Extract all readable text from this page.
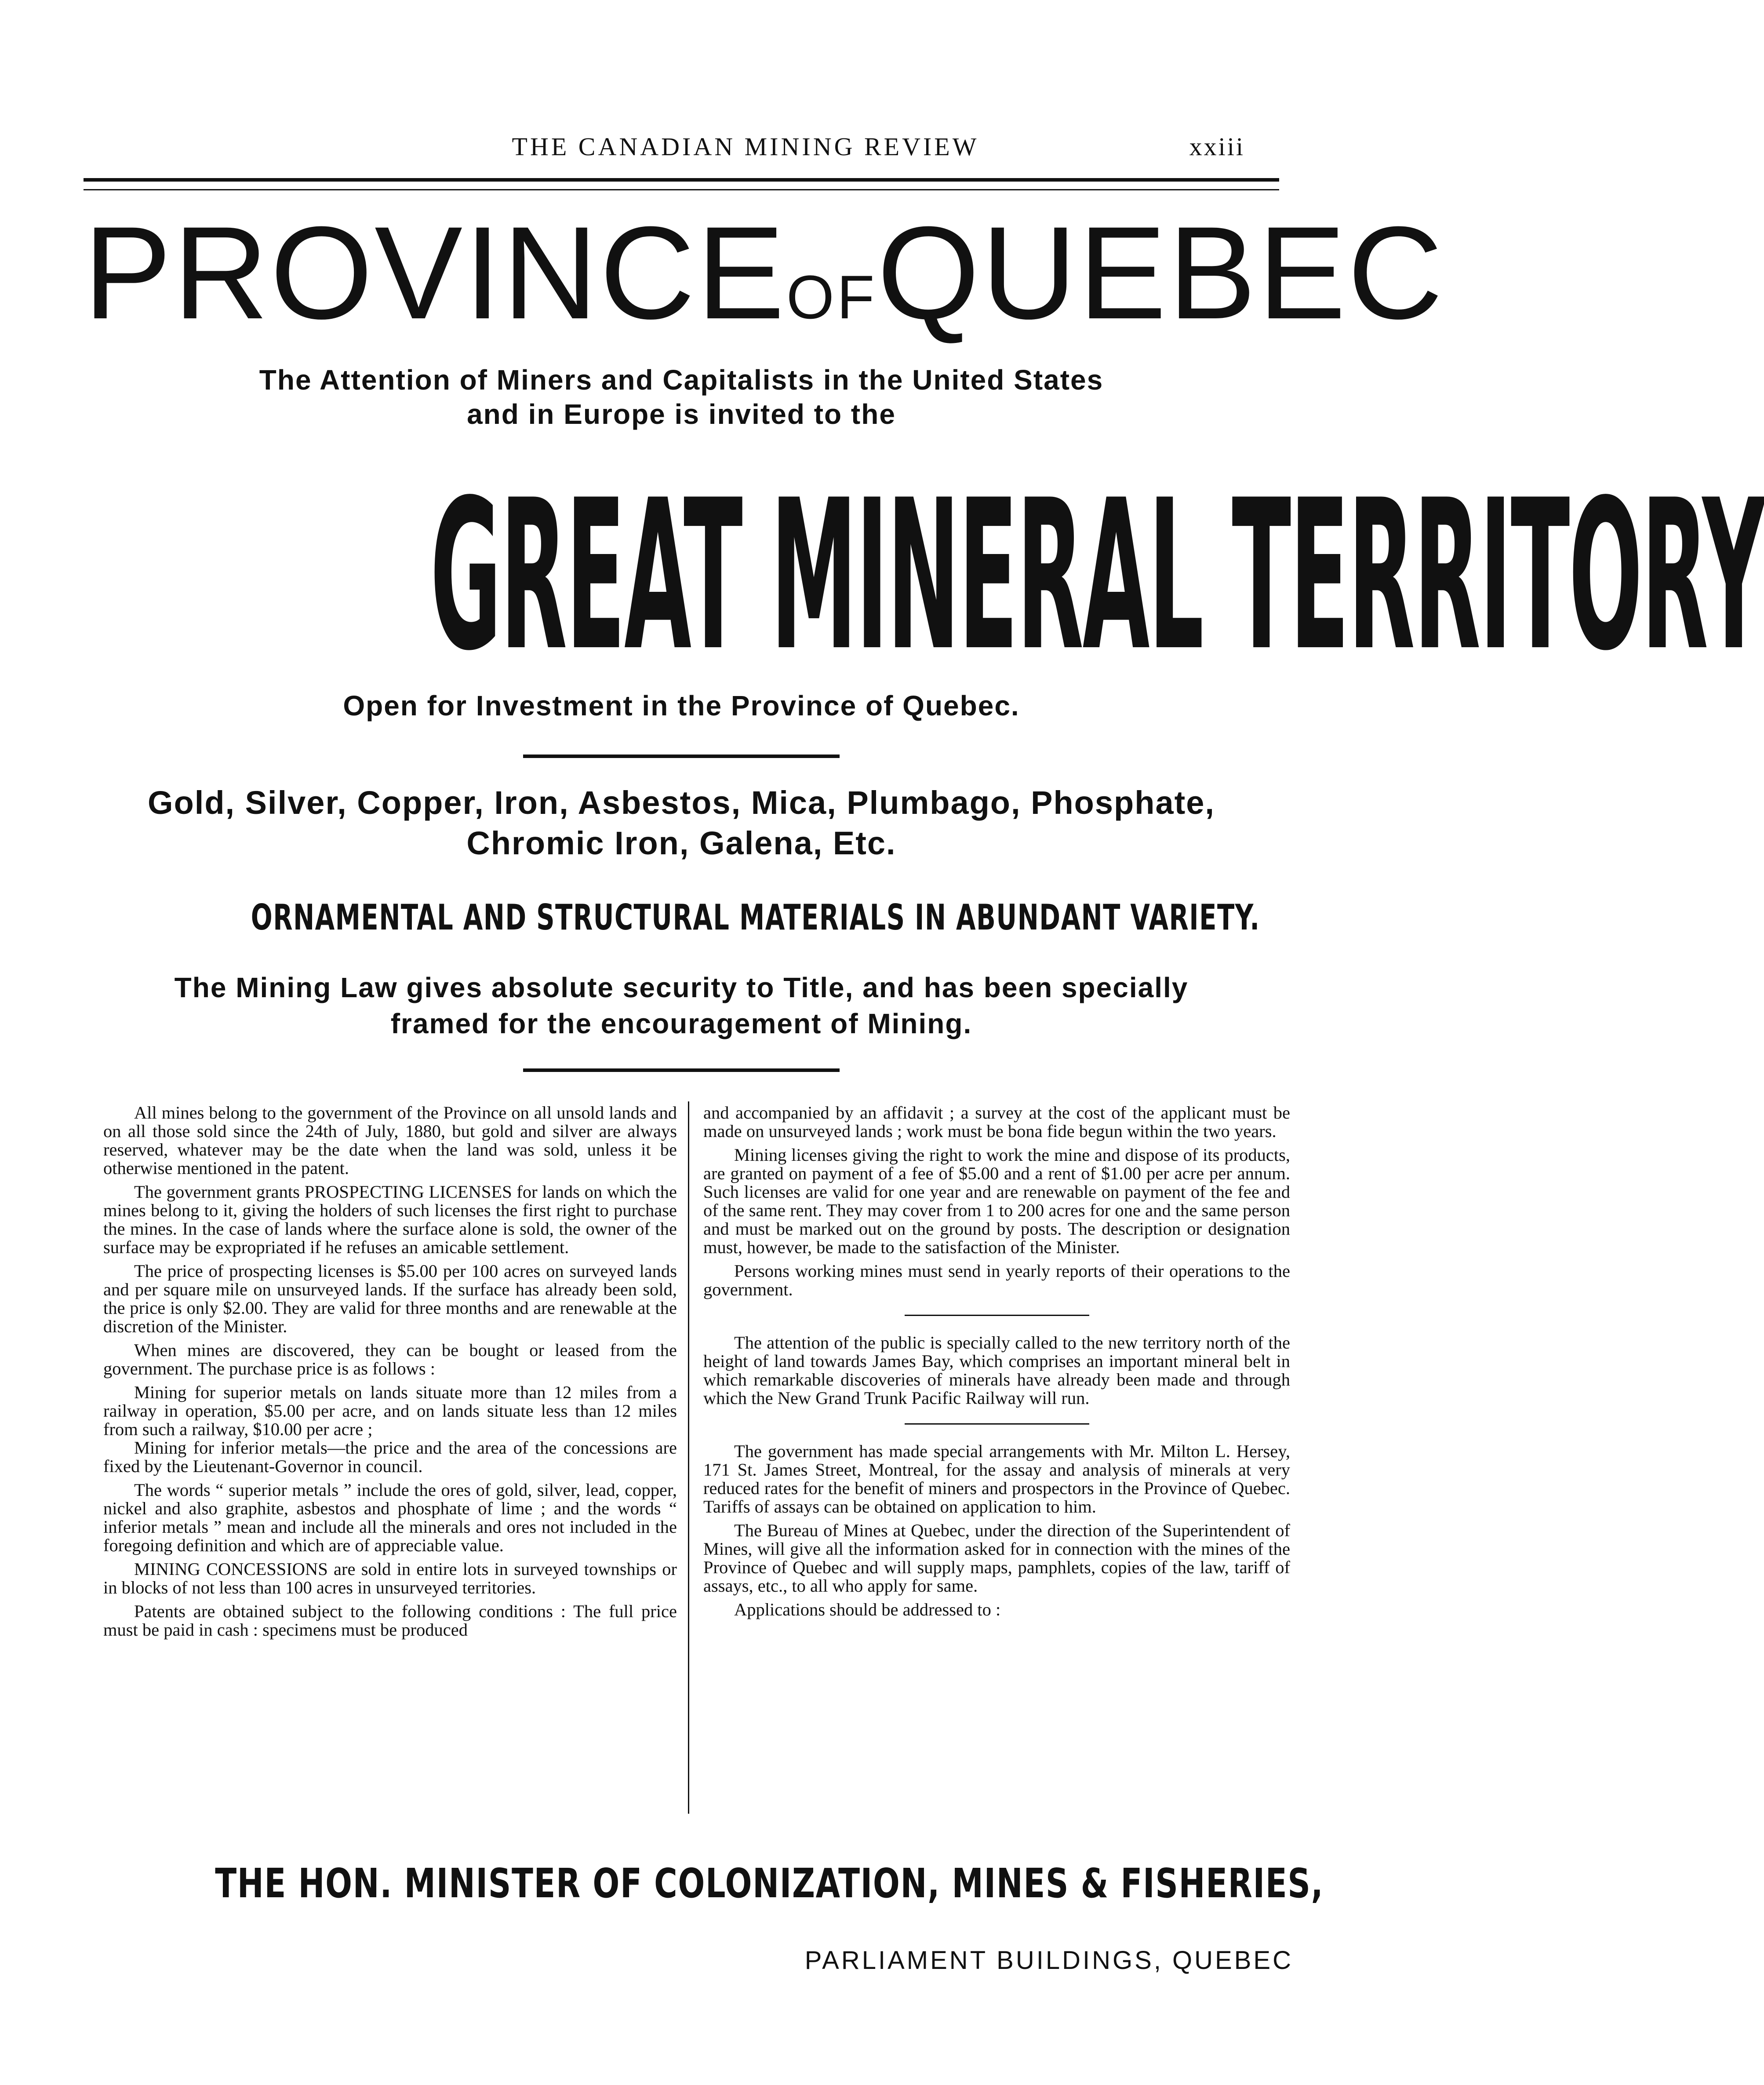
THE CANADIAN MINING REVIEW	xxiii
PROVINCEOFQUEBEC
The Attention of Miners and Capitalists in the United States
and in Europe is invited to the
GREAT MINERAL TERRITORY
Open for Investment in the Province of Quebec.
Gold, Silver, Copper, Iron, Asbestos, Mica, Plumbago, Phosphate,
Chromic Iron, Galena, Etc.
ORNAMENTAL AND STRUCTURAL MATERIALS IN ABUNDANT VARIETY.
The Mining Law gives absolute security to Title, and has been specially
framed for the encouragement of Mining.

All mines belong to the government of the Province on all unsold lands and on all those sold since the 24th of July, 1880, but gold and silver are always reserved, whatever may be the date when the land was sold, unless it be otherwise mentioned in the patent.

The government grants PROSPECTING LICENSES for lands on which the mines belong to it, giving the holders of such licenses the first right to purchase the mines. In the case of lands where the surface alone is sold, the owner of the surface may be expropriated if he refuses an amicable settlement.

The price of prospecting licenses is $5.00 per 100 acres on surveyed lands and per square mile on unsurveyed lands. If the surface has already been sold, the price is only $2.00. They are valid for three months and are renewable at the discretion of the Minister.

When mines are discovered, they can be bought or leased from the government. The purchase price is as follows :

Mining for superior metals on lands situate more than 12 miles from a railway in operation, $5.00 per acre, and on lands situate less than 12 miles from such a railway, $10.00 per acre ;

Mining for inferior metals—the price and the area of the concessions are fixed by the Lieutenant-Governor in council.

The words “ superior metals ” include the ores of gold, silver, lead, copper, nickel and also graphite, asbestos and phosphate of lime ; and the words “ inferior metals ” mean and include all the minerals and ores not included in the foregoing definition and which are of appreciable value.

MINING CONCESSIONS are sold in entire lots in surveyed townships or in blocks of not less than 100 acres in unsurveyed territories.

Patents are obtained subject to the following conditions : The full price must be paid in cash : specimens must be produced

and accompanied by an affidavit ; a survey at the cost of the applicant must be made on unsurveyed lands ; work must be bona fide begun within the two years.

Mining licenses giving the right to work the mine and dispose of its products, are granted on payment of a fee of $5.00 and a rent of $1.00 per acre per annum. Such licenses are valid for one year and are renewable on payment of the fee and of the same rent. They may cover from 1 to 200 acres for one and the same person and must be marked out on the ground by posts. The description or designation must, however, be made to the satisfaction of the Minister.

Persons working mines must send in yearly reports of their operations to the government.

The attention of the public is specially called to the new territory north of the height of land towards James Bay, which comprises an important mineral belt in which remarkable discoveries of minerals have already been made and through which the New Grand Trunk Pacific Railway will run.

The government has made special arrangements with Mr. Milton L. Hersey, 171 St. James Street, Montreal, for the assay and analysis of minerals at very reduced rates for the benefit of miners and prospectors in the Province of Quebec. Tariffs of assays can be obtained on application to him.

The Bureau of Mines at Quebec, under the direction of the Superintendent of Mines, will give all the information asked for in connection with the mines of the Province of Quebec and will supply maps, pamphlets, copies of the law, tariff of assays, etc., to all who apply for same.

Applications should be addressed to :

THE HON. MINISTER OF COLONIZATION, MINES & FISHERIES,
PARLIAMENT BUILDINGS, QUEBEC
